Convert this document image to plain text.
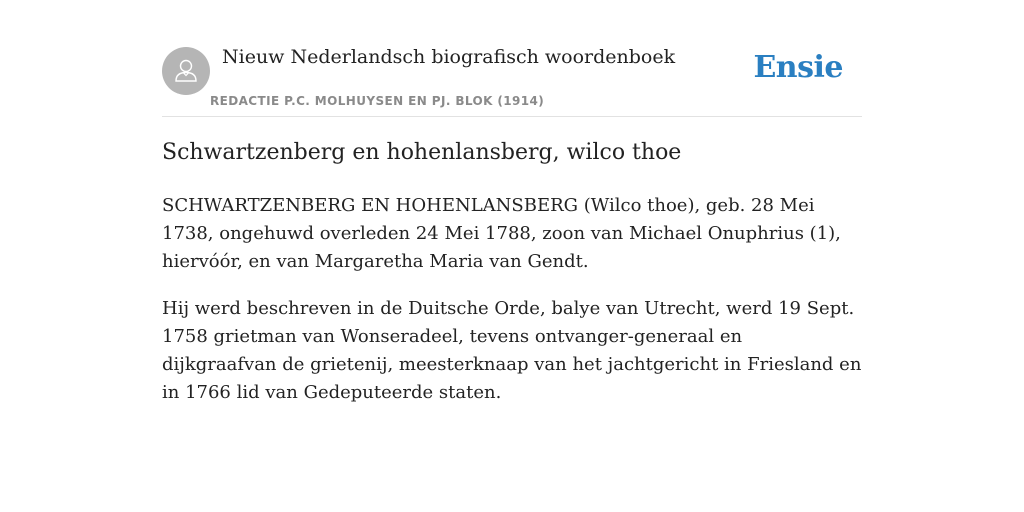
Nieuw Nederlandsch biografisch woordenboek
REDACTIE P.C. MOLHUYSEN EN PJ. BLOK (1914)
Ensie
Schwartzenberg en hohenlansberg, wilco thoe

SCHWARTZENBERG EN HOHENLANSBERG (Wilco thoe), geb. 28 Mei 1738, ongehuwd overleden 24 Mei 1788, zoon van Michael Onuphrius (1), hiervóór, en van Margaretha Maria van Gendt.

Hij werd beschreven in de Duitsche Orde, balye van Utrecht, werd 19 Sept. 1758 grietman van Wonseradeel, tevens ontvanger-generaal en dijkgraafvan de grietenij, meesterknaap van het jachtgericht in Friesland en in 1766 lid van Gedeputeerde staten.
